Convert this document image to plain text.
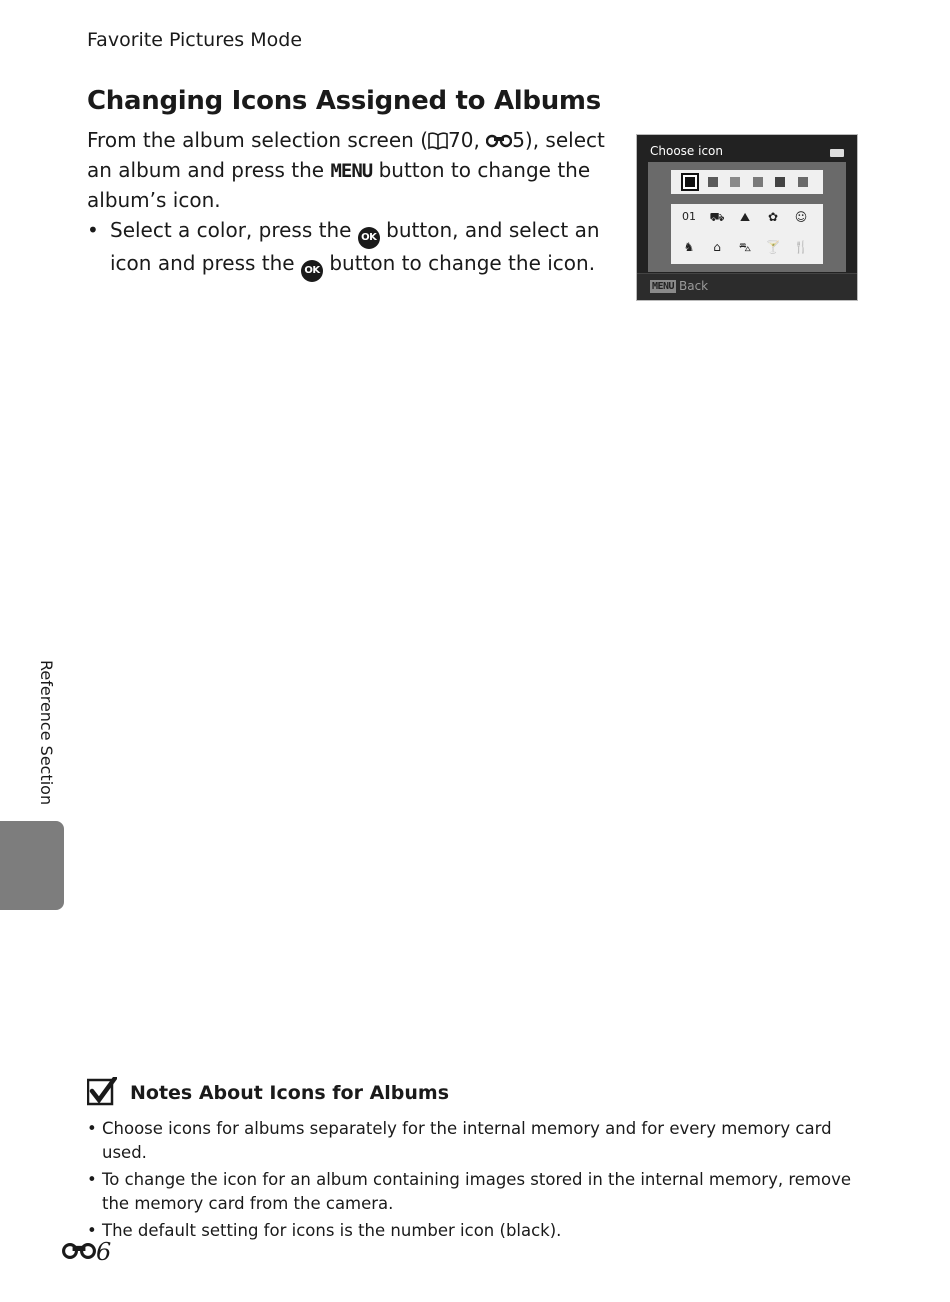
Favorite Pictures Mode
Changing Icons Assigned to Albums
From the album selection screen ( 70, 5), select an album and press the MENU button to change the album’s icon.
• Select a color, press the OK button, and select an icon and press the OK button to change the icon.
Choose icon
01 ⛟	⛰	✿	☺
♞	⌂	⛍	🍸 🍴
MENU Back
Reference Section
Notes About Icons for Albums
• Choose icons for albums separately for the internal memory and for every memory card used.
• To change the icon for an album containing images stored in the internal memory, remove the memory card from the camera.
• The default setting for icons is the number icon (black).
6
